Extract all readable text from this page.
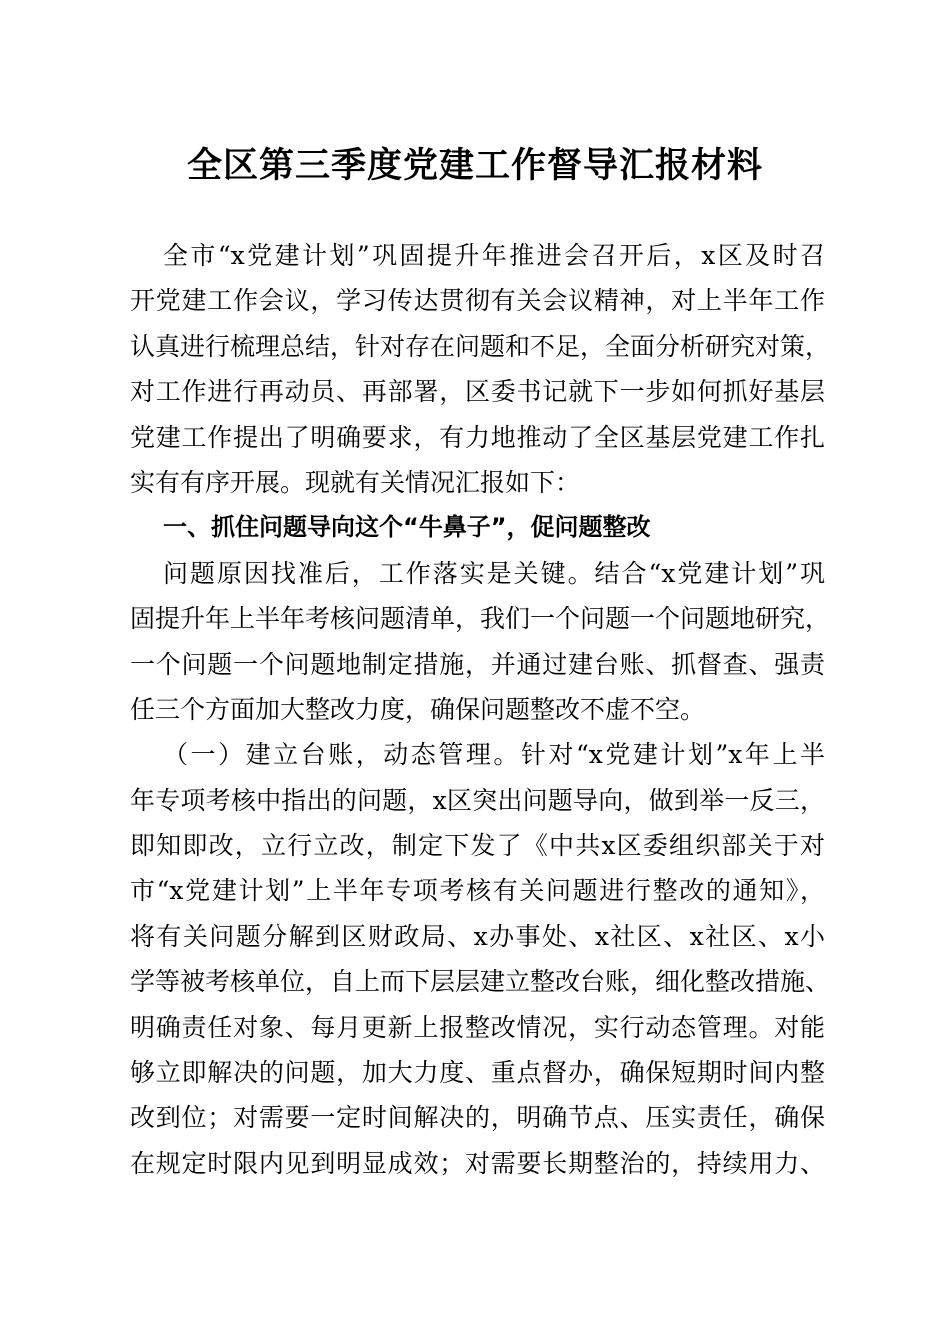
全区第三季度党建工作督导汇报材料
全市“x党建计划”巩固提升年推进会召开后，x区及时召
开党建工作会议，学习传达贯彻有关会议精神，对上半年工作
认真进行梳理总结，针对存在问题和不足，全面分析研究对策，
对工作进行再动员、再部署，区委书记就下一步如何抓好基层
党建工作提出了明确要求，有力地推动了全区基层党建工作扎
实有有序开展。现就有关情况汇报如下：
一、抓住问题导向这个“牛鼻子”，促问题整改
问题原因找准后，工作落实是关键。结合“x党建计划”巩
固提升年上半年考核问题清单，我们一个问题一个问题地研究，
一个问题一个问题地制定措施，并通过建台账、抓督查、强责
任三个方面加大整改力度，确保问题整改不虚不空。
（一）建立台账，动态管理。针对“x党建计划”x年上半
年专项考核中指出的问题，x区突出问题导向，做到举一反三，
即知即改，立行立改，制定下发了《中共x区委组织部关于对
市“x党建计划”上半年专项考核有关问题进行整改的通知》，
将有关问题分解到区财政局、x办事处、x社区、x社区、x小
学等被考核单位，自上而下层层建立整改台账，细化整改措施、
明确责任对象、每月更新上报整改情况，实行动态管理。对能
够立即解决的问题，加大力度、重点督办，确保短期时间内整
改到位；对需要一定时间解决的，明确节点、压实责任，确保
在规定时限内见到明显成效；对需要长期整治的，持续用力、
